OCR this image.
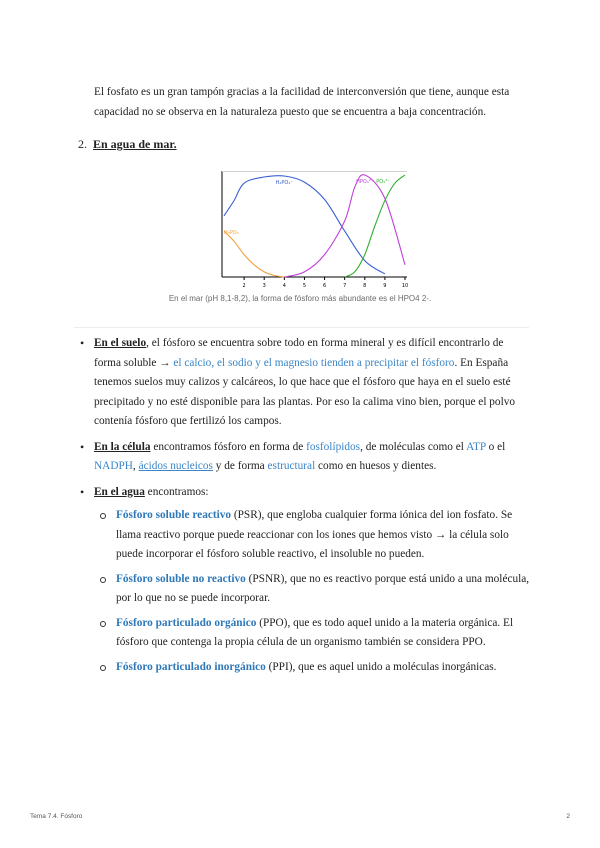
El fosfato es un gran tampón gracias a la facilidad de interconversión que tiene, aunque esta capacidad no se observa en la naturaleza puesto que se encuentra a baja concentración.

2. En agua de mar.
2	3	4	5	6	7	8	9	10
H₃PO₄
H₂PO₄⁻	HPO₄²⁻ PO₄³⁻
En el mar (pH 8,1-8,2), la forma de fósforo más abundante es el HPO4 2-.
• En el suelo, el fósforo se encuentra sobre todo en forma mineral y es difícil encontrarlo de forma soluble → el calcio, el sodio y el magnesio tienden a precipitar el fósforo. En España tenemos suelos muy calizos y calcáreos, lo que hace que el fósforo que haya en el suelo esté precipitado y no esté disponible para las plantas. Por eso la calima vino bien, porque el polvo contenía fósforo que fertilizó los campos.
• En la célula encontramos fósforo en forma de fosfolípidos, de moléculas como el ATP o el NADPH, ácidos nucleicos y de forma estructural como en huesos y dientes.
• En el agua encontramos:
Fósforo soluble reactivo (PSR), que engloba cualquier forma iónica del ion fosfato. Se llama reactivo porque puede reaccionar con los iones que hemos visto → la célula solo puede incorporar el fósforo soluble reactivo, el insoluble no pueden.
Fósforo soluble no reactivo (PSNR), que no es reactivo porque está unido a una molécula, por lo que no se puede incorporar.
Fósforo particulado orgánico (PPO), que es todo aquel unido a la materia orgánica. El fósforo que contenga la propia célula de un organismo también se considera PPO.
Fósforo particulado inorgánico (PPI), que es aquel unido a moléculas inorgánicas.
Tema 7.4. Fósforo	2
